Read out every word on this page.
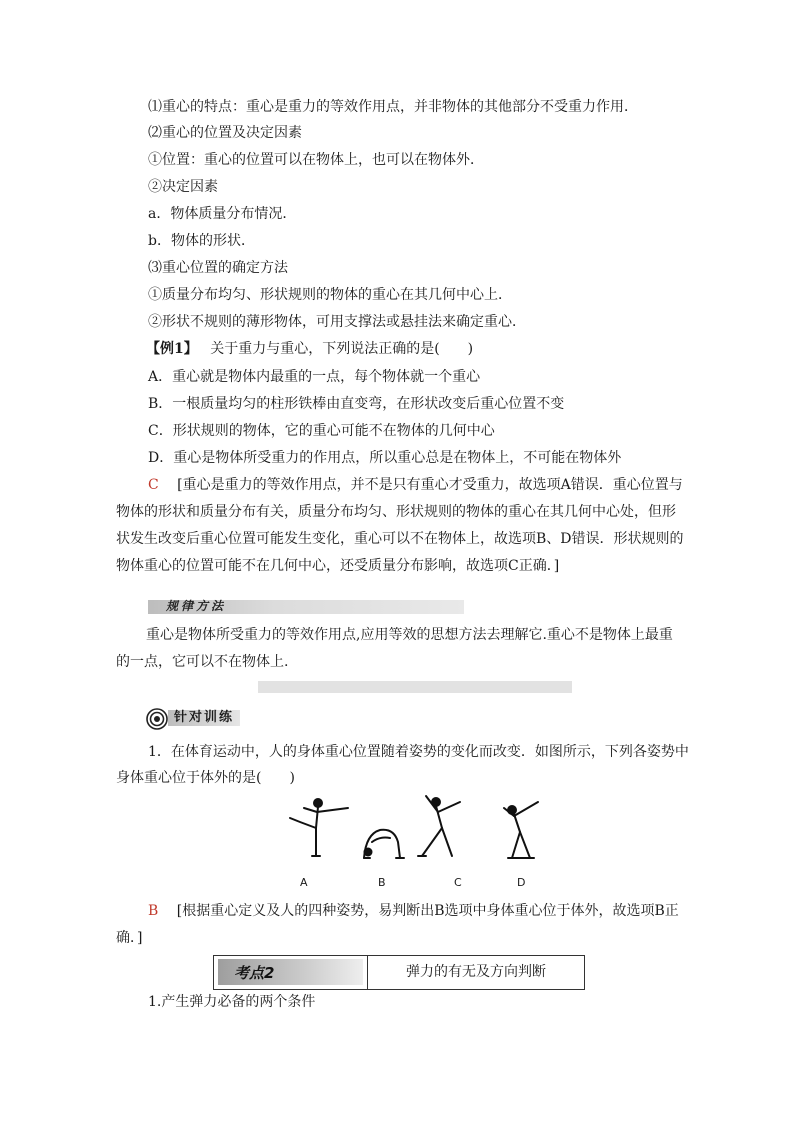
⑴重心的特点：重心是重力的等效作用点，并非物体的其他部分不受重力作用．
⑵重心的位置及决定因素
①位置：重心的位置可以在物体上，也可以在物体外．
②决定因素
a．物体质量分布情况．
b．物体的形状．
⑶重心位置的确定方法
①质量分布均匀、形状规则的物体的重心在其几何中心上．
②形状不规则的薄形物体，可用支撑法或悬挂法来确定重心．
【例1】 关于重力与重心，下列说法正确的是(　　)
A．重心就是物体内最重的一点，每个物体就一个重心
B．一根质量均匀的柱形铁棒由直变弯，在形状改变后重心位置不变
C．形状规则的物体，它的重心可能不在物体的几何中心
D．重心是物体所受重力的作用点，所以重心总是在物体上，不可能在物体外
C [重心是重力的等效作用点，并不是只有重心才受重力，故选项A错误．重心位置与
物体的形状和质量分布有关，质量分布均匀、形状规则的物体的重心在其几何中心处，但形
状发生改变后重心位置可能发生变化，重心可以不在物体上，故选项B、D错误．形状规则的
物体重心的位置可能不在几何中心，还受质量分布影响，故选项C正确．]
规律方法
重心是物体所受重力的等效作用点,应用等效的思想方法去理解它.重心不是物体上最重
的一点，它可以不在物体上.
针对训练
1．在体育运动中，人的身体重心位置随着姿势的变化而改变．如图所示，下列各姿势中
身体重心位于体外的是(　　)
A	B	C	D
B [根据重心定义及人的四种姿势，易判断出B选项中身体重心位于体外，故选项B正
确．]
考点2	弹力的有无及方向判断
1.产生弹力必备的两个条件
